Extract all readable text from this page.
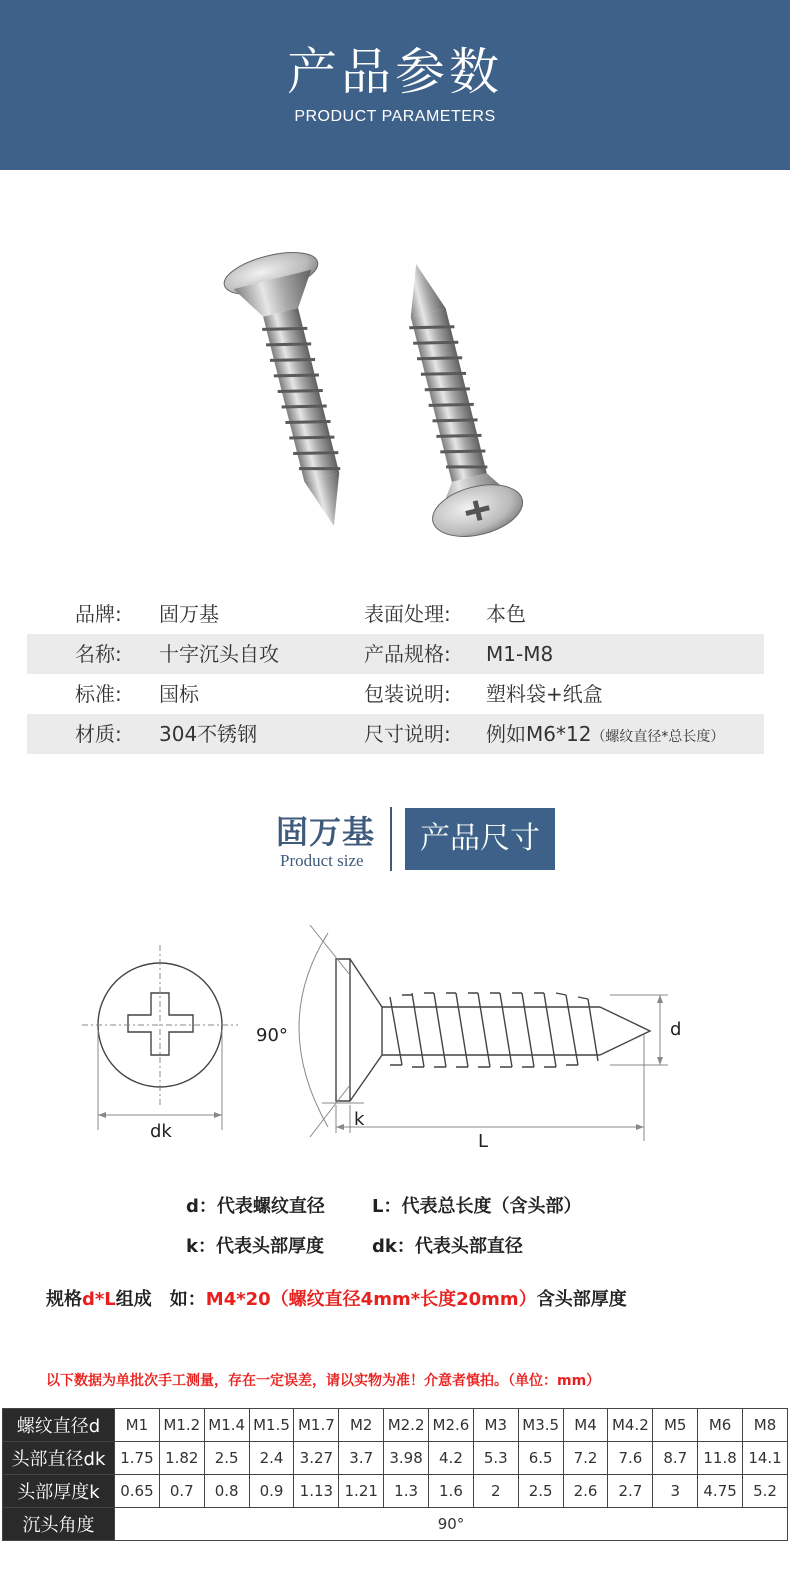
产品参数
PRODUCT PARAMETERS
品牌: 固万基	表面处理: 本色
名称: 十字沉头自攻	产品规格: M1-M8
标准: 国标	包装说明: 塑料袋+纸盒
材质: 304不锈钢	尺寸说明: 例如M6*12（螺纹直径*总长度）
固万基
Product size
产品尺寸
90°
dk
k
L
d
d：代表螺纹直径	L：代表总长度（含头部）
k：代表头部厚度	dk：代表头部直径
规格d*L组成　如：M4*20（螺纹直径4mm*长度20mm）含头部厚度
以下数据为单批次手工测量，存在一定误差，请以实物为准！介意者慎拍。（单位：mm）
螺纹直径d	M1	M1.2	M1.4	M1.5	M1.7	M2	M2.2	M2.6	M3	M3.5	M4	M4.2	M5	M6	M8
头部直径dk	1.75	1.82	2.5	2.4	3.27	3.7	3.98	4.2	5.3	6.5	7.2	7.6	8.7	11.8	14.1
头部厚度k	0.65	0.7	0.8	0.9	1.13	1.21	1.3	1.6	2	2.5	2.6	2.7	3	4.75	5.2
沉头角度	90°														
